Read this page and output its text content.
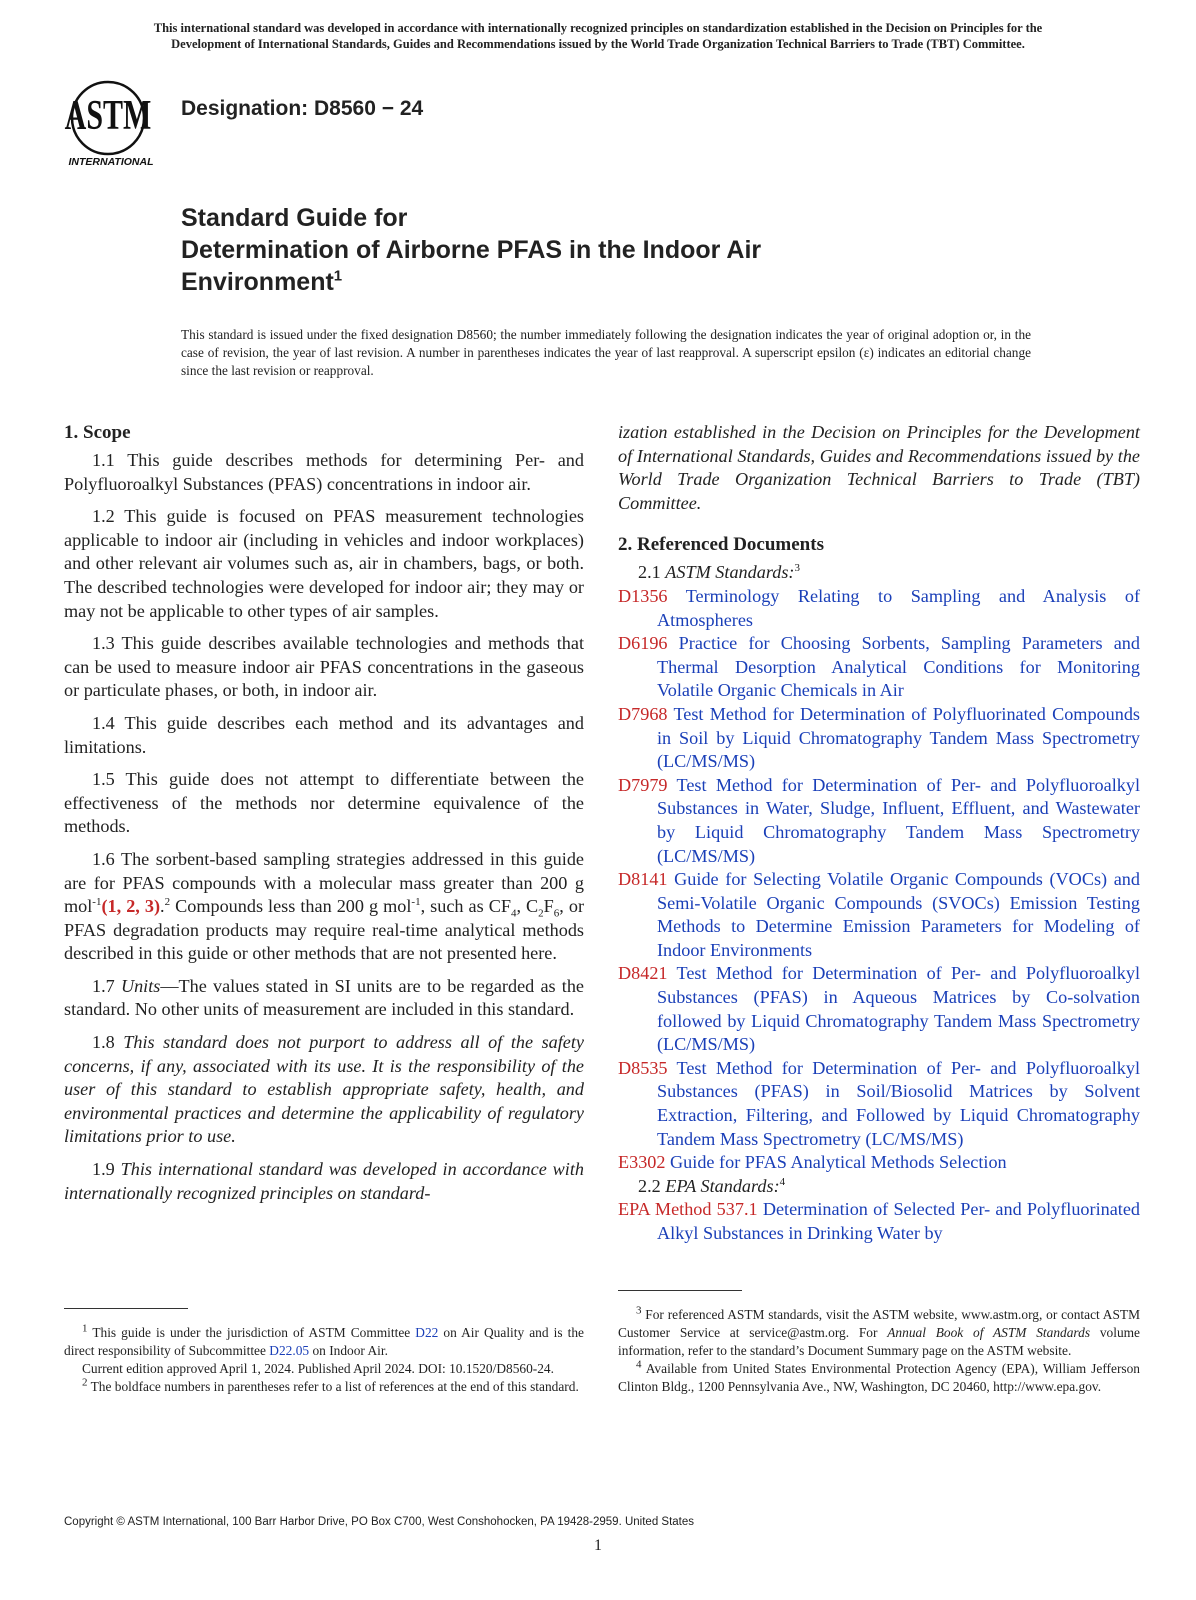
This international standard was developed in accordance with internationally recognized principles on standardization established in the Decision on Principles for the
Development of International Standards, Guides and Recommendations issued by the World Trade Organization Technical Barriers to Trade (TBT) Committee.
ASTM
INTERNATIONAL
Designation: D8560 − 24
Standard Guide for
Determination of Airborne PFAS in the Indoor Air
Environment$^1$
This standard is issued under the fixed designation D8560; the number immediately following the designation indicates the year of original adoption or, in the case of revision, the year of last revision. A number in parentheses indicates the year of last reapproval. A superscript epsilon (ε) indicates an editorial change since the last revision or reapproval.
1. Scope

1.1 This guide describes methods for determining Per- and Polyfluoroalkyl Substances (PFAS) concentrations in indoor air.

1.2 This guide is focused on PFAS measurement technologies applicable to indoor air (including in vehicles and indoor workplaces) and other relevant air volumes such as, air in chambers, bags, or both. The described technologies were developed for indoor air; they may or may not be applicable to other types of air samples.

1.3 This guide describes available technologies and methods that can be used to measure indoor air PFAS concentrations in the gaseous or particulate phases, or both, in indoor air.

1.4 This guide describes each method and its advantages and limitations.

1.5 This guide does not attempt to differentiate between the effectiveness of the methods nor determine equivalence of the methods.

1.6 The sorbent-based sampling strategies addressed in this guide are for PFAS compounds with a molecular mass greater than 200 g mol$^{-1}$(1, 2, 3).$^2$ Compounds less than 200 g mol$^{-1}$, such as $CF_4$, $C_2F_6$, or PFAS degradation products may require real-time analytical methods described in this guide or other methods that are not presented here.

1.7 Units—The values stated in SI units are to be regarded as the standard. No other units of measurement are included in this standard.

1.8 This standard does not purport to address all of the safety concerns, if any, associated with its use. It is the responsibility of the user of this standard to establish appropriate safety, health, and environmental practices and determine the applicability of regulatory limitations prior to use.

1.9 This international standard was developed in accordance with internationally recognized principles on standard-

ization established in the Decision on Principles for the Development of International Standards, Guides and Recommendations issued by the World Trade Organization Technical Barriers to Trade (TBT) Committee.

2. Referenced Documents

2.1 ASTM Standards:$^3$

D1356 Terminology Relating to Sampling and Analysis of Atmospheres

D6196 Practice for Choosing Sorbents, Sampling Parameters and Thermal Desorption Analytical Conditions for Monitoring Volatile Organic Chemicals in Air

D7968 Test Method for Determination of Polyfluorinated Compounds in Soil by Liquid Chromatography Tandem Mass Spectrometry (LC/MS/MS)

D7979 Test Method for Determination of Per- and Polyfluoroalkyl Substances in Water, Sludge, Influent, Effluent, and Wastewater by Liquid Chromatography Tandem Mass Spectrometry (LC/MS/MS)

D8141 Guide for Selecting Volatile Organic Compounds (VOCs) and Semi-Volatile Organic Compounds (SVOCs) Emission Testing Methods to Determine Emission Parameters for Modeling of Indoor Environments

D8421 Test Method for Determination of Per- and Polyfluoroalkyl Substances (PFAS) in Aqueous Matrices by Co-solvation followed by Liquid Chromatography Tandem Mass Spectrometry (LC/MS/MS)

D8535 Test Method for Determination of Per- and Polyfluoroalkyl Substances (PFAS) in Soil/Biosolid Matrices by Solvent Extraction, Filtering, and Followed by Liquid Chromatography Tandem Mass Spectrometry (LC/MS/MS)

E3302 Guide for PFAS Analytical Methods Selection

2.2 EPA Standards:$^4$

EPA Method 537.1 Determination of Selected Per- and Polyfluorinated Alkyl Substances in Drinking Water by

$^1$ This guide is under the jurisdiction of ASTM Committee D22 on Air Quality and is the direct responsibility of Subcommittee D22.05 on Indoor Air.

Current edition approved April 1, 2024. Published April 2024. DOI: 10.1520/D8560-24.

$^2$ The boldface numbers in parentheses refer to a list of references at the end of this standard.

$^3$ For referenced ASTM standards, visit the ASTM website, www.astm.org, or contact ASTM Customer Service at service@astm.org. For Annual Book of ASTM Standards volume information, refer to the standard’s Document Summary page on the ASTM website.

$^4$ Available from United States Environmental Protection Agency (EPA), William Jefferson Clinton Bldg., 1200 Pennsylvania Ave., NW, Washington, DC 20460, http://www.epa.gov.

Copyright © ASTM International, 100 Barr Harbor Drive, PO Box C700, West Conshohocken, PA 19428-2959. United States
1
